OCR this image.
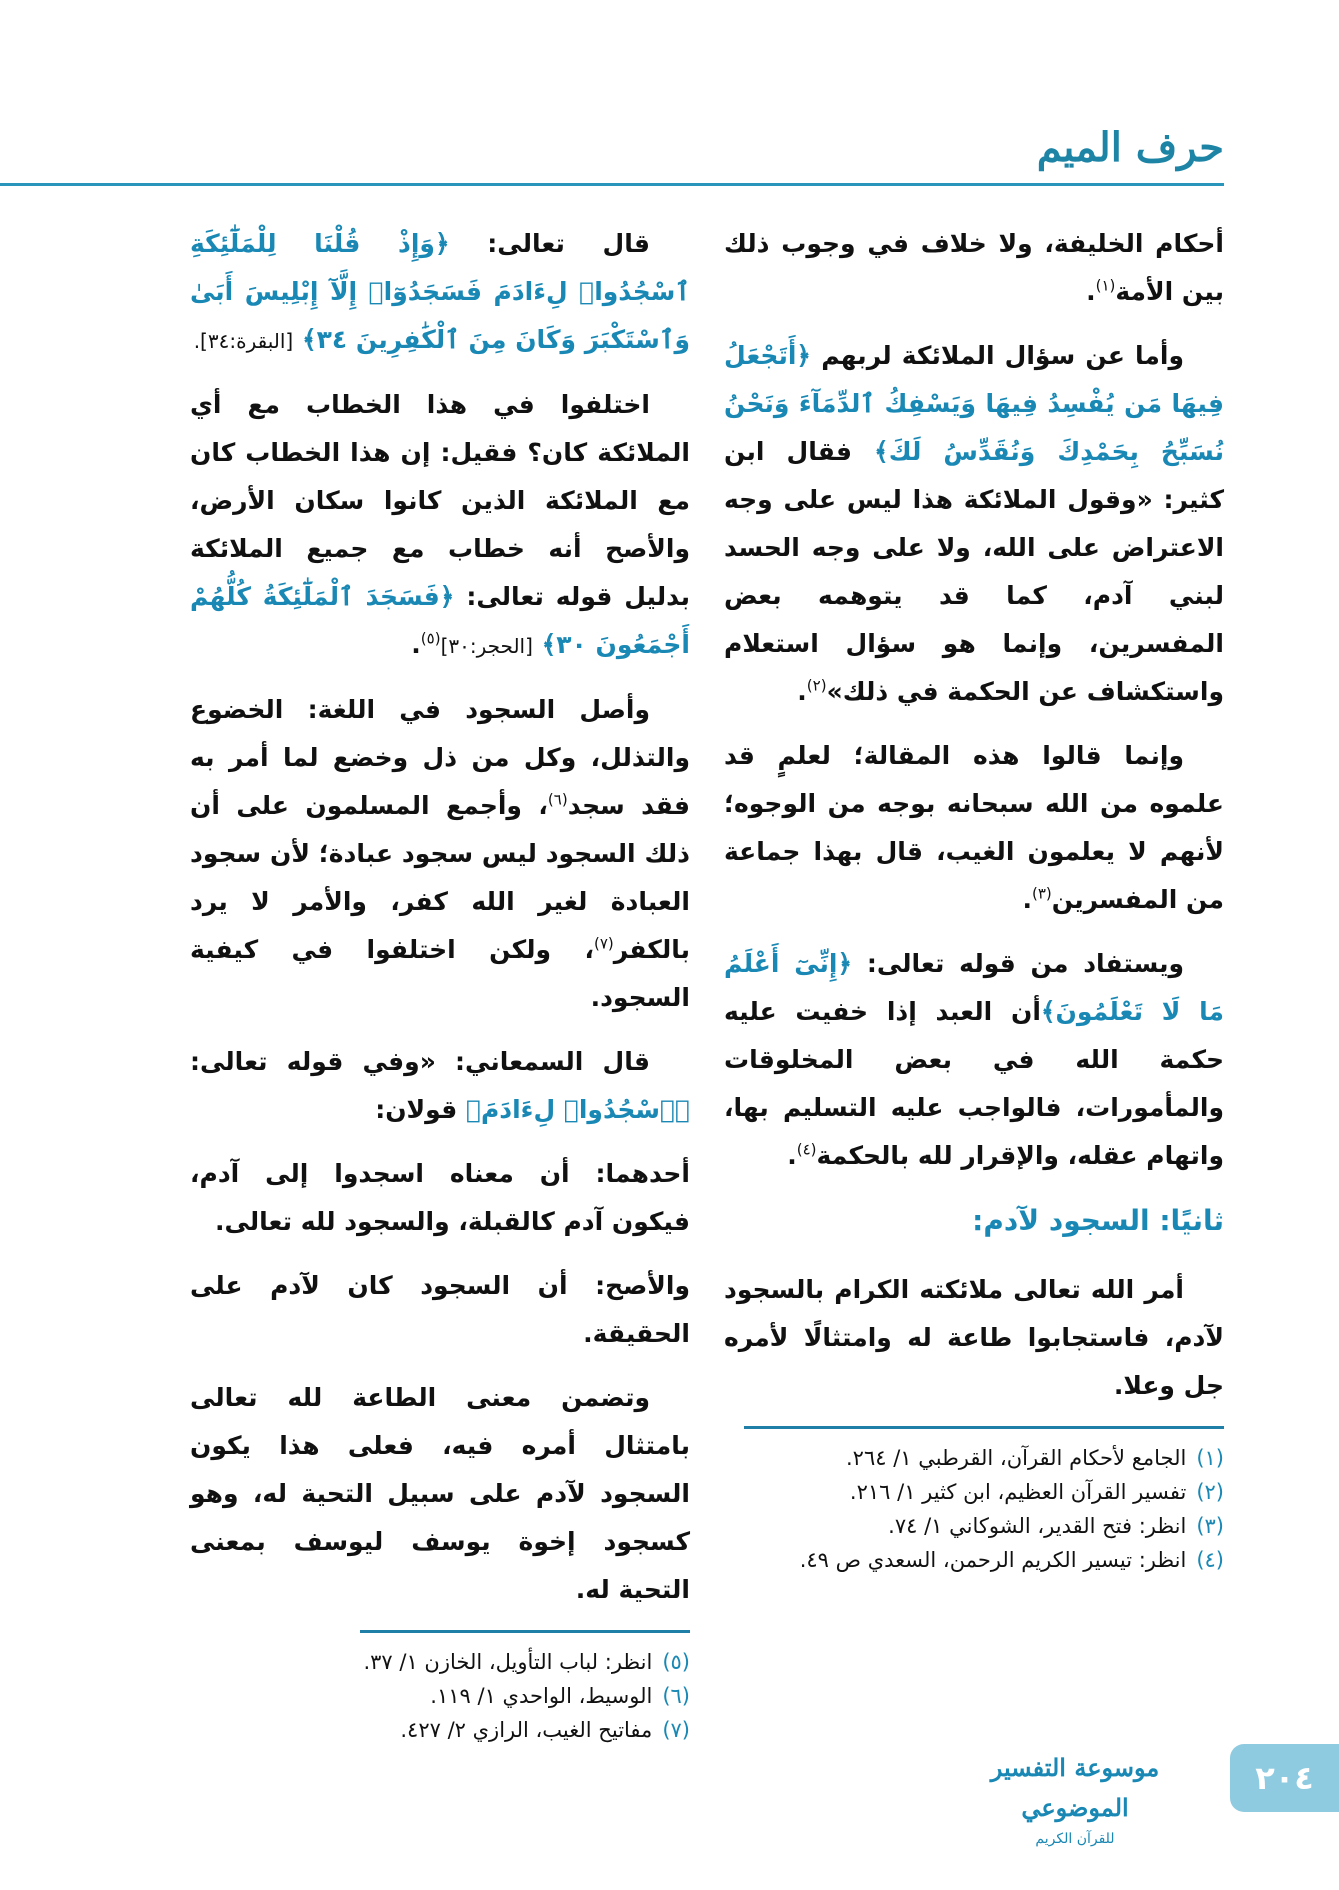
حرف الميم

أحكام الخليفة، ولا خلاف في وجوب ذلك بين الأمة$^{(١)}$.

وأما عن سؤال الملائكة لربهم ﴿أَتَجْعَلُ فِيهَا مَن يُفْسِدُ فِيهَا وَيَسْفِكُ ٱلدِّمَآءَ وَنَحْنُ نُسَبِّحُ بِحَمْدِكَ وَنُقَدِّسُ لَكَ﴾ فقال ابن كثير: «وقول الملائكة هذا ليس على وجه الاعتراض على الله، ولا على وجه الحسد لبني آدم، كما قد يتوهمه بعض المفسرين، وإنما هو سؤال استعلام واستكشاف عن الحكمة في ذلك»$^{(٢)}$.

وإنما قالوا هذه المقالة؛ لعلمٍ قد علموه من الله سبحانه بوجه من الوجوه؛ لأنهم لا يعلمون الغيب، قال بهذا جماعة من المفسرين$^{(٣)}$.

ويستفاد من قوله تعالى: ﴿إِنِّىٓ أَعْلَمُ مَا لَا تَعْلَمُونَ﴾أن العبد إذا خفيت عليه حكمة الله في بعض المخلوقات والمأمورات، فالواجب عليه التسليم بها، واتهام عقله، والإقرار لله بالحكمة$^{(٤)}$.

ثانيًا: السجود لآدم:

أمر الله تعالى ملائكته الكرام بالسجود لآدم، فاستجابوا طاعة له وامتثالًا لأمره جل وعلا.

(١)الجامع لأحكام القرآن، القرطبي ١/ ٢٦٤.

(٢)تفسير القرآن العظيم، ابن كثير ١/ ٢١٦.

(٣)انظر: فتح القدير، الشوكاني ١/ ٧٤.

(٤)انظر: تيسير الكريم الرحمن، السعدي ص ٤٩.

قال تعالى: ﴿وَإِذْ قُلْنَا لِلْمَلَٰٓئِكَةِ ٱسْجُدُوا۟ لِءَادَمَ فَسَجَدُوٓا۟ إِلَّآ إِبْلِيسَ أَبَىٰ وَٱسْتَكْبَرَ وَكَانَ مِنَ ٱلْكَٰفِرِينَ ٣٤﴾ [البقرة:٣٤].

اختلفوا في هذا الخطاب مع أي الملائكة كان؟ فقيل: إن هذا الخطاب كان مع الملائكة الذين كانوا سكان الأرض، والأصح أنه خطاب مع جميع الملائكة بدليل قوله تعالى: ﴿فَسَجَدَ ٱلْمَلَٰٓئِكَةُ كُلُّهُمْ أَجْمَعُونَ ٣٠﴾ [الحجر:٣٠]$^{(٥)}$.

وأصل السجود في اللغة: الخضوع والتذلل، وكل من ذل وخضع لما أمر به فقد سجد$^{(٦)}$، وأجمع المسلمون على أن ذلك السجود ليس سجود عبادة؛ لأن سجود العبادة لغير الله كفر، والأمر لا يرد بالكفر$^{(٧)}$، ولكن اختلفوا في كيفية السجود.

قال السمعاني: «وفي قوله تعالى: ﴿ٱسْجُدُوا۟ لِءَادَمَ﴾ قولان:

أحدهما: أن معناه اسجدوا إلى آدم، فيكون آدم كالقبلة، والسجود لله تعالى.

والأصح: أن السجود كان لآدم على الحقيقة.

وتضمن معنى الطاعة لله تعالى بامتثال أمره فيه، فعلى هذا يكون السجود لآدم على سبيل التحية له، وهو كسجود إخوة يوسف ليوسف بمعنى التحية له.

(٥)انظر: لباب التأويل، الخازن ١/ ٣٧.

(٦)الوسيط، الواحدي ١/ ١١٩.

(٧)مفاتيح الغيب، الرازي ٢/ ٤٢٧.

موسوعة التفسير الموضوعي
للقرآن الكريم
٢٠٤
